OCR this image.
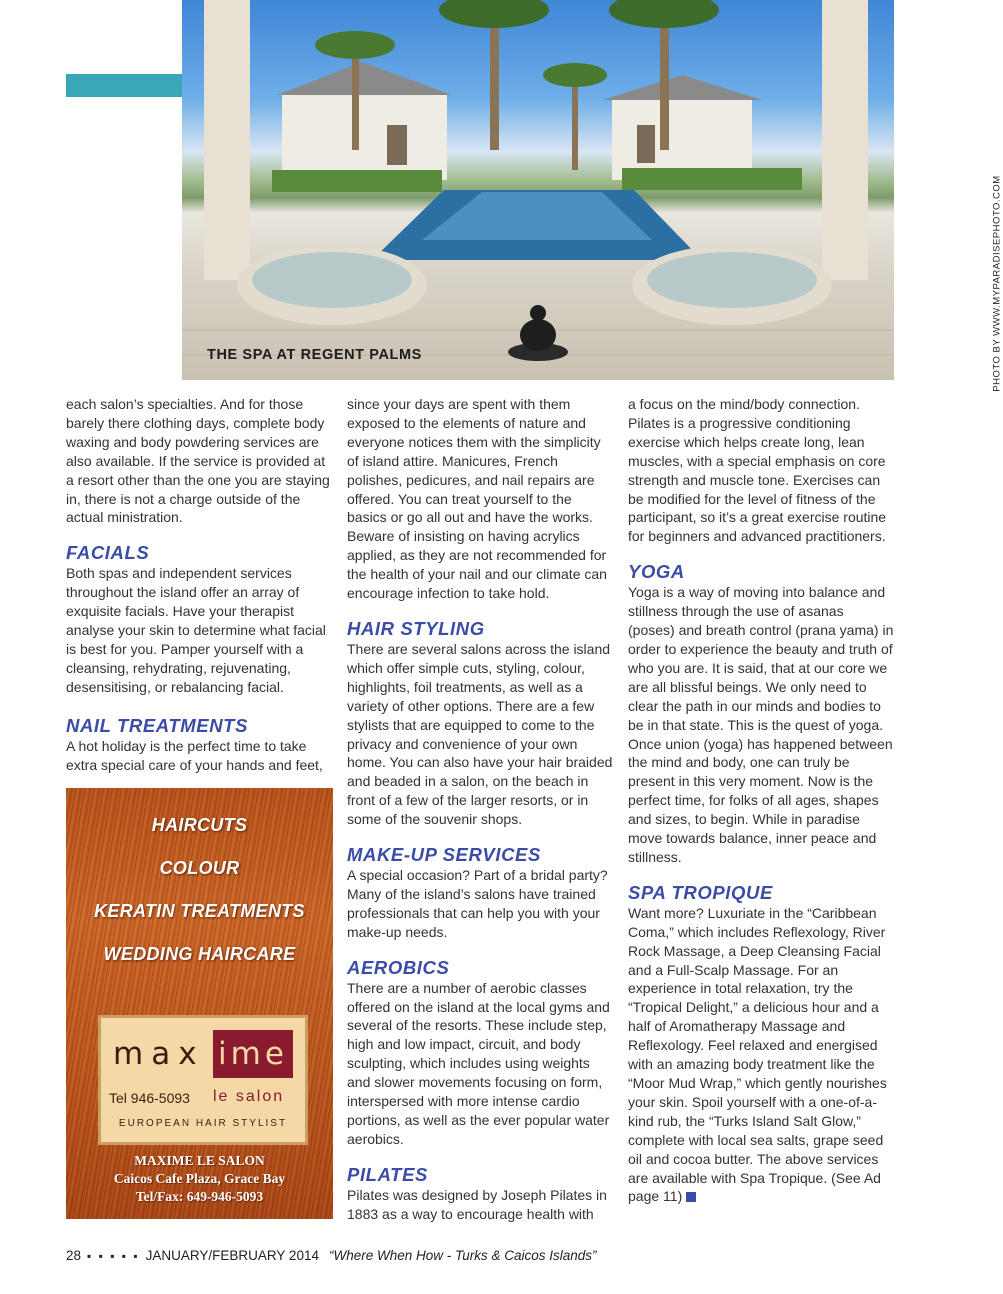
THE SPA AT REGENT PALMS	PHOTO BY WWW.MYPARADISEPHOTO.COM

each salon’s specialties. And for those barely there clothing days, complete body waxing and body powdering services are also available. If the service is provided at a resort other than the one you are staying in, there is not a charge outside of the actual ministration.

FACIALS

Both spas and independent services throughout the island offer an array of exquisite facials. Have your therapist analyse your skin to determine what facial is best for you. Pamper yourself with a cleansing, rehydrating, rejuvenating, desensitising, or rebalancing facial.

NAIL TREATMENTS

A hot holiday is the perfect time to take extra special care of your hands and feet,

HAIRCUTS
COLOUR
KERATIN TREATMENTS
WEDDING HAIRCARE
max ime
Tel 946-5093 le salon
EUROPEAN HAIR STYLIST
MAXIME LE SALON
Caicos Cafe Plaza, Grace Bay
Tel/Fax: 649-946-5093

since your days are spent with them exposed to the elements of nature and everyone notices them with the simplicity of island attire. Manicures, French polishes, pedicures, and nail repairs are offered. You can treat yourself to the basics or go all out and have the works. Beware of insisting on having acrylics applied, as they are not recommended for the health of your nail and our climate can encourage infection to take hold.

HAIR STYLING

There are several salons across the island which offer simple cuts, styling, colour, highlights, foil treatments, as well as a variety of other options. There are a few stylists that are equipped to come to the privacy and convenience of your own home. You can also have your hair braided and beaded in a salon, on the beach in front of a few of the larger resorts, or in some of the souvenir shops.

MAKE-UP SERVICES

A special occasion? Part of a bridal party? Many of the island’s salons have trained professionals that can help you with your make-up needs.

AEROBICS

There are a number of aerobic classes offered on the island at the local gyms and several of the resorts. These include step, high and low impact, circuit, and body sculpting, which includes using weights and slower movements focusing on form, interspersed with more intense cardio portions, as well as the ever popular water aerobics.

PILATES

Pilates was designed by Joseph Pilates in 1883 as a way to encourage health with

a focus on the mind/body connection. Pilates is a progressive conditioning exercise which helps create long, lean muscles, with a special emphasis on core strength and muscle tone. Exercises can be modified for the level of fitness of the participant, so it’s a great exercise routine for beginners and advanced practitioners.

YOGA

Yoga is a way of moving into balance and stillness through the use of asanas (poses) and breath control (prana yama) in order to experience the beauty and truth of who you are. It is said, that at our core we are all blissful beings. We only need to clear the path in our minds and bodies to be in that state. This is the quest of yoga. Once union (yoga) has happened between the mind and body, one can truly be present in this very moment. Now is the perfect time, for folks of all ages, shapes and sizes, to begin. While in paradise move towards balance, inner peace and stillness.

SPA TROPIQUE

Want more? Luxuriate in the “Caribbean Coma,” which includes Reflexology, River Rock Massage, a Deep Cleansing Facial and a Full-Scalp Massage. For an experience in total relaxation, try the “Tropical Delight,” a delicious hour and a half of Aromatherapy Massage and Reflexology. Feel relaxed and energised with an amazing body treatment like the “Moor Mud Wrap,” which gently nourishes your skin. Spoil yourself with a one-of-a-kind rub, the “Turks Island Salt Glow,” complete with local sea salts, grape seed oil and cocoa butter. The above services are available with Spa Tropique. (See Ad page 11)

28 ▪ ▪ ▪ ▪ ▪ JANUARY/FEBRUARY 2014 “Where When How - Turks & Caicos Islands”
